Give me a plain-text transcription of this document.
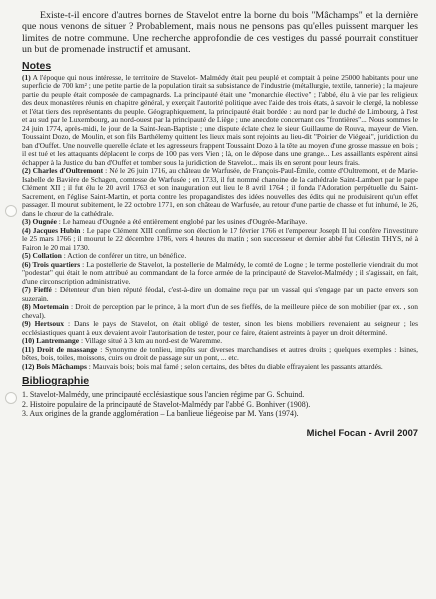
Existe-t-il encore d'autres bornes de Stavelot entre la borne du bois "Mâchamps" et la dernière que nous venons de situer ? Probablement, mais nous ne pensons pas qu'elles puissent marquer les limites de notre commune. Une recherche approfondie de ces vestiges du passé pourrait constituer un but de promenade instructif et amusant.

Notes

(1) A l'époque qui nous intéresse, le territoire de Stavelot- Malmédy était peu peuplé et comptait à peine 25000 habitants pour une superficie de 700 km² ; une petite partie de la population tirait sa subsistance de l'industrie (métallurgie, textile, tannerie) ; la majeure partie du peuple était composée de campagnards. La principauté était une "monarchie élective" ; l'abbé, élu à vie par les religieux des deux monastères réunis en chapitre général, y exerçait l'autorité politique avec l'aide des trois états, à savoir le clergé, la noblesse et l'état tiers des représentants du peuple. Géographiquement, la principauté était bordée : au nord par le duché de Limbourg, à l'est et au sud par le Luxembourg, au nord-ouest par la principauté de Liège ; une anecdote concernant ces "frontières"... Nous sommes le 24 juin 1774, après-midi, le jour de la Saint-Jean-Baptiste ; une dispute éclate chez le sieur Guillaume de Rouva, mayeur de Vien. Toussaint Dozo, de Moulin, et son fils Barthélemy quittent les lieux mais sont rejoints au lieu-dit "Poirier de Viégeai", juridiction du ban d'Ouffet. Une nouvelle querelle éclate et les agresseurs frappent Toussaint Dozo à la tête au moyen d'une grosse massue en bois ; il est tué et les attaquants déplacent le corps de 100 pas vers Vien ; là, on le dépose dans une grange... Les assaillants espèrent ainsi échapper à la Justice du ban d'Ouffet et tomber sous la juridiction de Stavelot... mais ils en seront pour leurs frais.

(2) Charles d'Oultremont : Né le 26 juin 1716, au château de Warfusée, de François-Paul-Émile, comte d'Oultremont, et de Marie-Isabelle de Bavière de Schagen, comtesse de Warfusée ; en 1733, il fut nommé chanoine de la cathédrale Saint-Lambert par le pape Clément XII ; il fut élu le 20 avril 1763 et son inauguration eut lieu le 8 avril 1764 ; il fonda l'Adoration perpétuelle du Saint-Sacrement, en l'église Saint-Martin, et porta contre les propagandistes des idées nouvelles des édits qui ne produisirent qu'un effet passager. Il mourut subitement, le 22 octobre 1771, en son château de Warfusée, au retour d'une partie de chasse et fut inhumé, le 26, dans le chœur de la cathédrale.

(3) Ougnée : Le hameau d'Ougnée a été entièrement englobé par les usines d'Ougrée-Marihaye.

(4) Jacques Hubin : Le pape Clément XIII confirme son élection le 17 février 1766 et l'empereur Joseph II lui confère l'investiture le 25 mars 1766 ; il mourut le 22 décembre 1786, vers 4 heures du matin ; son successeur et dernier abbé fut Célestin THYS, né à Fairon le 20 mai 1730.

(5) Collation : Action de conférer un titre, un bénéfice.

(6) Trois quartiers : La postellerie de Stavelot, la postellerie de Malmédy, le comté de Logne ; le terme postellerie viendrait du mot "podestat" qui était le nom attribué au commandant de la force armée de la principauté de Stavelot-Malmédy ; il s'agissait, en fait, d'une circonscription administrative.

(7) Fieffé : Détenteur d'un bien réputé féodal, c'est-à-dire un domaine reçu par un vassal qui s'engage par un pacte envers son suzerain.

(8) Mortemain : Droit de perception par le prince, à la mort d'un de ses fieffés, de la meilleure pièce de son mobilier (par ex. , son cheval).

(9) Hertsoux : Dans le pays de Stavelot, on était obligé de tester, sinon les biens mobiliers revenaient au seigneur ; les ecclésiastiques quant à eux devaient avoir l'autorisation de tester, pour ce faire, étaient astreints à payer un droit déterminé.

(10) Lantremange : Village situé à 3 km au nord-est de Waremme.

(11) Droit de massange : Synonyme de tonlieu, impôts sur diverses marchandises et autres droits ; quelques exemples : lsines, bêtes, bois, toiles, moissons, cuirs ou droit de passage sur un pont, ... etc.

(12) Bois Mâchamps : Mauvais bois; bois mal famé ; selon certains, des bêtes du diable effrayaient les passants attardés.

Bibliographie
1. Stavelot-Malmédy, une principauté ecclésiastique sous l'ancien régime par G. Schuind.
2. Histoire populaire de la principauté de Stavelot-Malmédy par l'abbé G. Bonhiver (1908).
3. Aux origines de la grande agglomération – La banlieue liégeoise par M. Yans (1974).
Michel Focan - Avril 2007
